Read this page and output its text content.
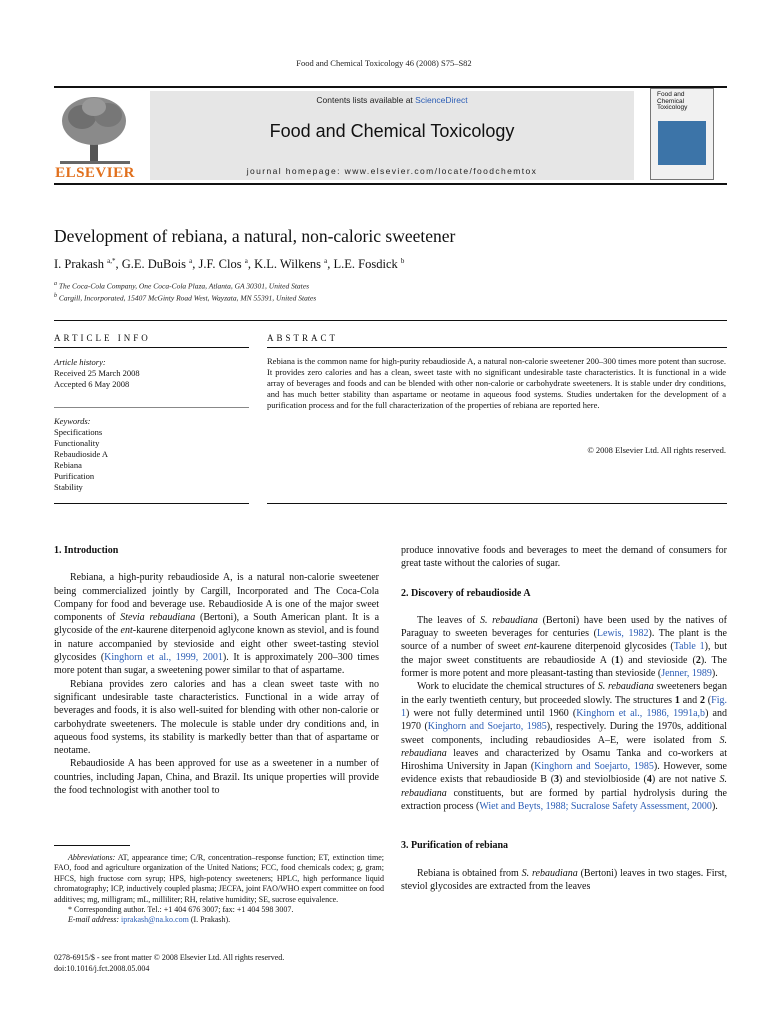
Food and Chemical Toxicology 46 (2008) S75–S82
ELSEVIER
Contents lists available at ScienceDirect
Food and Chemical Toxicology
journal homepage: www.elsevier.com/locate/foodchemtox
Food and
Chemical
Toxicology
Development of rebiana, a natural, non-caloric sweetener
I. Prakash $^{a,*}$, G.E. DuBois $^a$, J.F. Clos $^a$, K.L. Wilkens $^a$, L.E. Fosdick $^b$
$^a$ The Coca-Cola Company, One Coca-Cola Plaza, Atlanta, GA 30301, United States
$^b$ Cargill, Incorporated, 15407 McGinty Road West, Wayzata, MN 55391, United States
ARTICLE INFO	ABSTRACT
Article history:
Received 25 March 2008
Accepted 6 May 2008
Keywords:
Specifications
Functionality
Rebaudioside A
Rebiana
Purification
Stability
Rebiana is the common name for high-purity rebaudioside A, a natural non-calorie sweetener 200–300 times more potent than sucrose. It provides zero calories and has a clean, sweet taste with no significant undesirable taste characteristics. It is functional in a wide array of beverages and foods and can be blended with other non-calorie or carbohydrate sweeteners. It is stable under dry conditions, and has much better stability than aspartame or neotame in aqueous food systems. Studies undertaken for the development of a purification process and for the full characterization of the properties of rebiana are reported here.
© 2008 Elsevier Ltd. All rights reserved.

1. Introduction

Rebiana, a high-purity rebaudioside A, is a natural non-calorie sweetener being commercialized jointly by Cargill, Incorporated and The Coca-Cola Company for food and beverage use. Rebaudioside A is one of the major sweet components of Stevia rebaudiana (Bertoni), a South American plant. It is a glycoside of the ent-kaurene diterpenoid aglycone known as steviol, and is found in nature accompanied by stevioside and eight other sweet-tasting steviol glycosides (Kinghorn et al., 1999, 2001). It is approximately 200–300 times more potent than sugar, a sweetening power similar to that of aspartame.

Rebiana provides zero calories and has a clean sweet taste with no significant undesirable taste characteristics. Functional in a wide array of beverages and foods, it is also well-suited for blending with other non-calorie or carbohydrate sweeteners. The molecule is stable under dry conditions and, in aqueous food systems, its stability is markedly better than that of aspartame or neotame.

Rebaudioside A has been approved for use as a sweetener in a number of countries, including Japan, China, and Brazil. Its unique properties will provide the food technologist with another tool to

Abbreviations: AT, appearance time; C/R, concentration–response function; ET, extinction time; FAO, food and agriculture organization of the United Nations; FCC, food chemicals codex; g, gram; HFCS, high fructose corn syrup; HPS, high-potency sweeteners; HPLC, high performance liquid chromatography; ICP, inductively coupled plasma; JECFA, joint FAO/WHO expert committee on food additives; mg, milligram; mL, milliliter; RH, relative humidity; SE, sucrose equivalence.

* Corresponding author. Tel.: +1 404 676 3007; fax: +1 404 598 3007.

E-mail address: iprakash@na.ko.com (I. Prakash).

0278-6915/$ - see front matter © 2008 Elsevier Ltd. All rights reserved.
doi:10.1016/j.fct.2008.05.004

produce innovative foods and beverages to meet the demand of consumers for great taste without the calories of sugar.

2. Discovery of rebaudioside A

The leaves of S. rebaudiana (Bertoni) have been used by the natives of Paraguay to sweeten beverages for centuries (Lewis, 1982). The plant is the source of a number of sweet ent-kaurene diterpenoid glycosides (Table 1), but the major sweet constituents are rebaudioside A (1) and stevioside (2). The former is more potent and more pleasant-tasting than stevioside (Jenner, 1989).

Work to elucidate the chemical structures of S. rebaudiana sweeteners began in the early twentieth century, but proceeded slowly. The structures 1 and 2 (Fig. 1) were not fully determined until 1960 (Kinghorn et al., 1986, 1991a,b) and 1970 (Kinghorn and Soejarto, 1985), respectively. During the 1970s, additional sweet components, including rebaudiosides A–E, were isolated from S. rebaudiana leaves and characterized by Osamu Tanka and co-workers at Hiroshima University in Japan (Kinghorn and Soejarto, 1985). However, some evidence exists that rebaudioside B (3) and steviolbioside (4) are not native S. rebaudiana constituents, but are formed by partial hydrolysis during the extraction process (Wiet and Beyts, 1988; Sucralose Safety Assessment, 2000).

3. Purification of rebiana

Rebiana is obtained from S. rebaudiana (Bertoni) leaves in two stages. First, steviol glycosides are extracted from the leaves
